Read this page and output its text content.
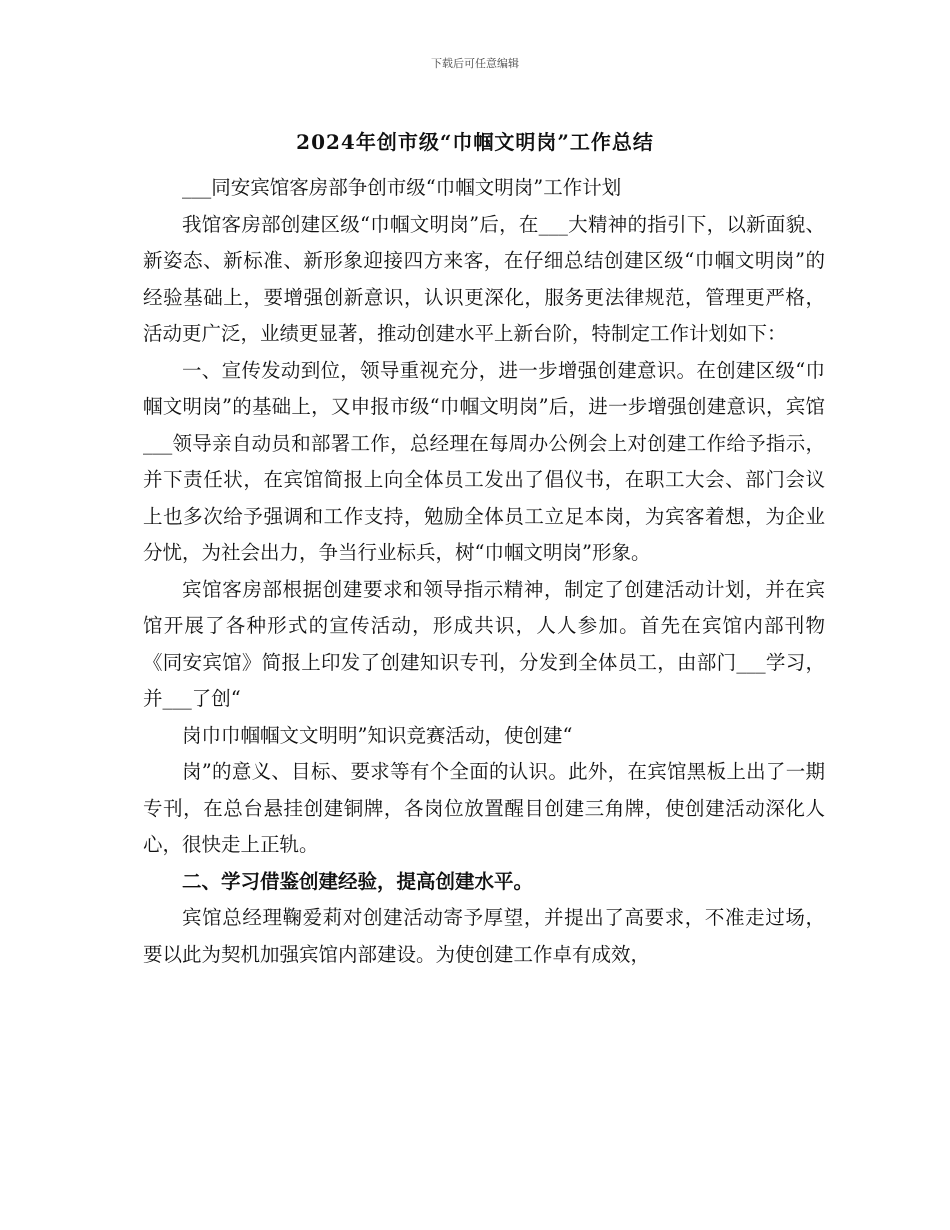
下载后可任意编辑
2024年创市级“巾帼文明岗”工作总结

___同安宾馆客房部争创市级“巾帼文明岗”工作计划

我馆客房部创建区级“巾帼文明岗”后，在___大精神的指引下，以新面貌、新姿态、新标准、新形象迎接四方来客，在仔细总结创建区级“巾帼文明岗”的经验基础上，要增强创新意识，认识更深化，服务更法律规范，管理更严格，活动更广泛，业绩更显著，推动创建水平上新台阶，特制定工作计划如下：

一、宣传发动到位，领导重视充分，进一步增强创建意识。在创建区级“巾帼文明岗”的基础上，又申报市级“巾帼文明岗”后，进一步增强创建意识，宾馆___领导亲自动员和部署工作，总经理在每周办公例会上对创建工作给予指示，并下责任状，在宾馆简报上向全体员工发出了倡仪书，在职工大会、部门会议上也多次给予强调和工作支持，勉励全体员工立足本岗，为宾客着想，为企业分忧，为社会出力，争当行业标兵，树“巾帼文明岗”形象。

宾馆客房部根据创建要求和领导指示精神，制定了创建活动计划，并在宾馆开展了各种形式的宣传活动，形成共识，人人参加。首先在宾馆内部刊物《同安宾馆》简报上印发了创建知识专刊，分发到全体员工，由部门___学习，并___了创“

岗巾巾帼帼文文明明”知识竞赛活动，使创建“

岗”的意义、目标、要求等有个全面的认识。此外，在宾馆黑板上出了一期专刊，在总台悬挂创建铜牌，各岗位放置醒目创建三角牌，使创建活动深化人心，很快走上正轨。

二、学习借鉴创建经验，提高创建水平。

宾馆总经理鞠爱莉对创建活动寄予厚望，并提出了高要求，不准走过场，要以此为契机加强宾馆内部建设。为使创建工作卓有成效，
